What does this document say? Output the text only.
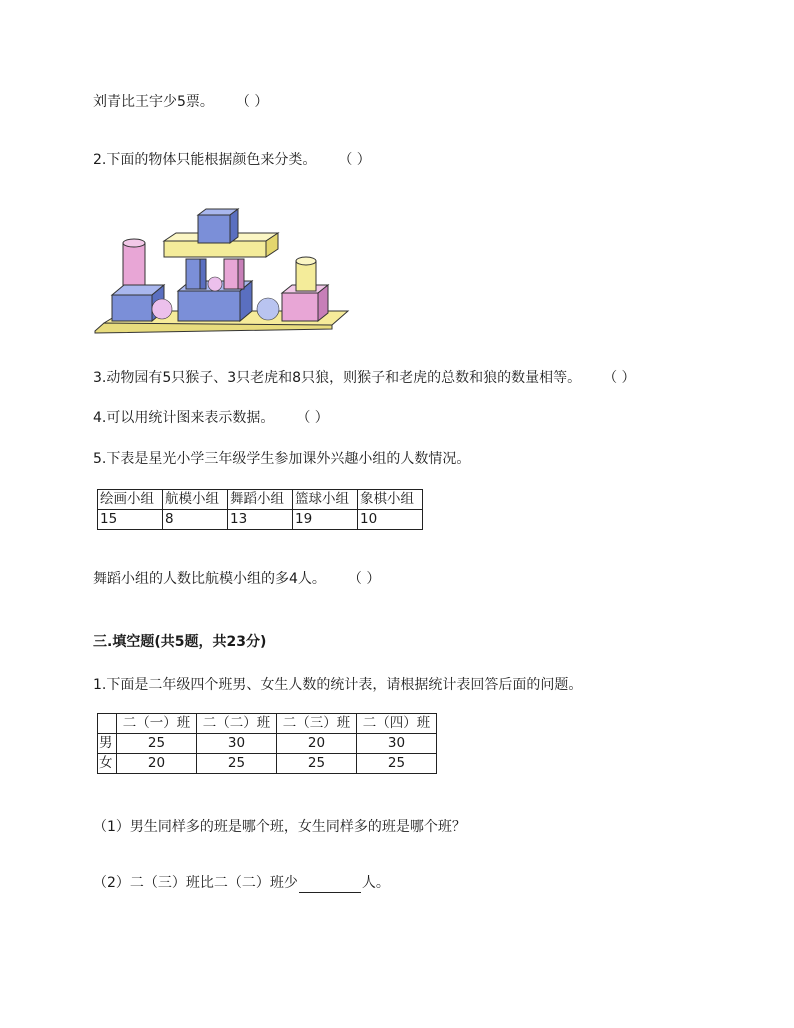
刘青比王宇少5票。 （ ）
2.下面的物体只能根据颜色来分类。 （ ）
3.动物园有5只猴子、3只老虎和8只狼，则猴子和老虎的总数和狼的数量相等。 （ ）
4.可以用统计图来表示数据。 （ ）
5.下表是星光小学三年级学生参加课外兴趣小组的人数情况。
绘画小组	航模小组	舞蹈小组	篮球小组	象棋小组
15	8	13	19	10
舞蹈小组的人数比航模小组的多4人。 （ ）
三.填空题(共5题，共23分)
1.下面是二年级四个班男、女生人数的统计表，请根据统计表回答后面的问题。
	二（一）班	二（二）班	二（三）班	二（四）班
男	25	30	20	30
女	20	25	25	25
（1）男生同样多的班是哪个班，女生同样多的班是哪个班？
（2）二（三）班比二（二）班少	人。
